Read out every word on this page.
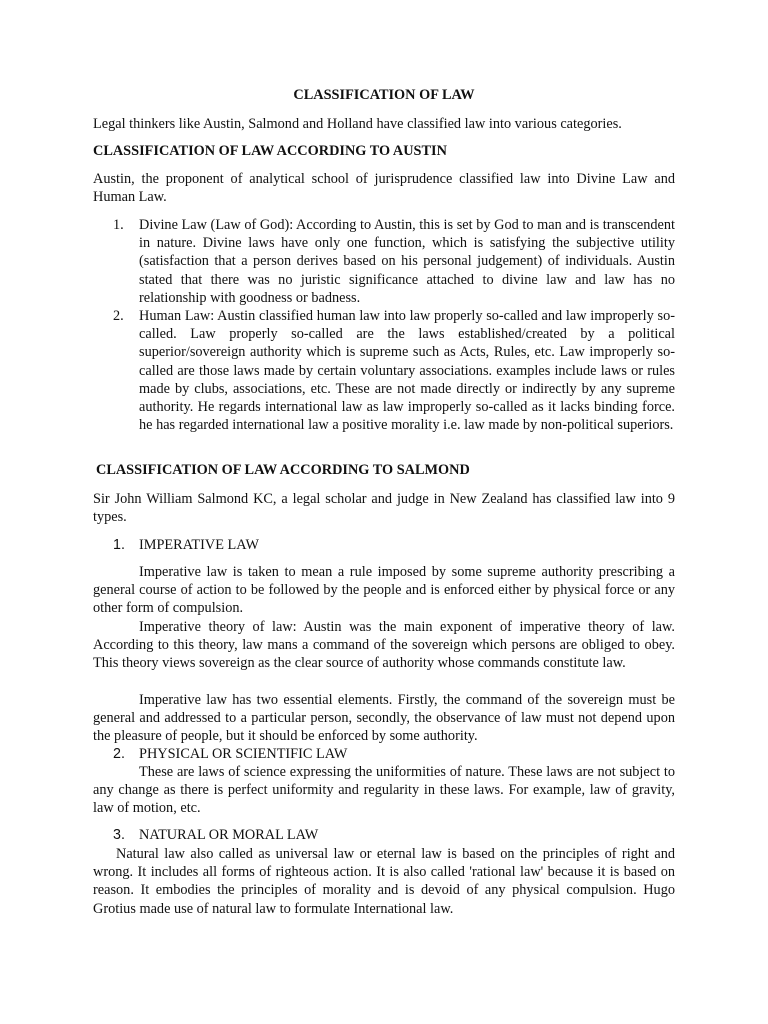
CLASSIFICATION OF LAW

Legal thinkers like Austin, Salmond and Holland have classified law into various categories.

CLASSIFICATION OF LAW ACCORDING TO AUSTIN

Austin, the proponent of analytical school of jurisprudence classified law into Divine Law and Human Law.

1.	Divine Law (Law of God): According to Austin, this is set by God to man and is transcendent in nature. Divine laws have only one function, which is satisfying the subjective utility (satisfaction that a person derives based on his personal judgement) of individuals. Austin stated that there was no juristic significance attached to divine law and law has no relationship with goodness or badness.
2.	Human Law: Austin classified human law into law properly so-called and law improperly so-called. Law properly so-called are the laws established/created by a political superior/sovereign authority which is supreme such as Acts, Rules, etc. Law improperly so-called are those laws made by certain voluntary associations. examples include laws or rules made by clubs, associations, etc. These are not made directly or indirectly by any supreme authority. He regards international law as law improperly so-called as it lacks binding force. he has regarded international law a positive morality i.e. law made by non-political superiors.

CLASSIFICATION OF LAW ACCORDING TO SALMOND

Sir John William Salmond KC, a legal scholar and judge in New Zealand has classified law into 9 types.

1. IMPERATIVE LAW

Imperative law is taken to mean a rule imposed by some supreme authority prescribing a general course of action to be followed by the people and is enforced either by physical force or any other form of compulsion.

Imperative theory of law: Austin was the main exponent of imperative theory of law. According to this theory, law mans a command of the sovereign which persons are obliged to obey. This theory views sovereign as the clear source of authority whose commands constitute law.

Imperative law has two essential elements. Firstly, the command of the sovereign must be general and addressed to a particular person, secondly, the observance of law must not depend upon the pleasure of people, but it should be enforced by some authority.

2. PHYSICAL OR SCIENTIFIC LAW

These are laws of science expressing the uniformities of nature. These laws are not subject to any change as there is perfect uniformity and regularity in these laws. For example, law of gravity, law of motion, etc.

3. NATURAL OR MORAL LAW

Natural law also called as universal law or eternal law is based on the principles of right and wrong. It includes all forms of righteous action. It is also called 'rational law' because it is based on reason. It embodies the principles of morality and is devoid of any physical compulsion. Hugo Grotius made use of natural law to formulate International law.
